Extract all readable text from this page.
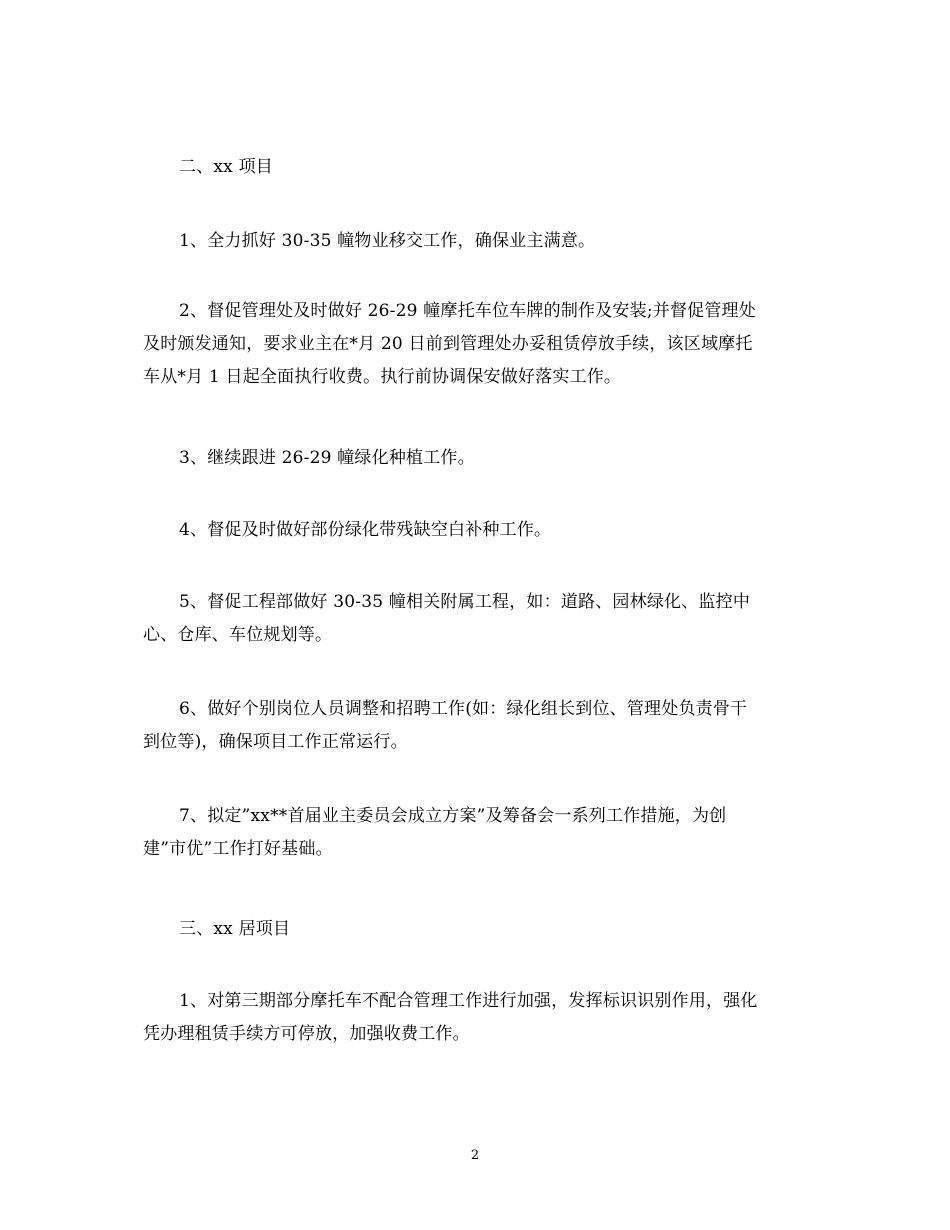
二、xx 项目
1、全力抓好 30-35 幢物业移交工作，确保业主满意。
2、督促管理处及时做好 26-29 幢摩托车位车牌的制作及安装;并督促管理处
及时颁发通知，要求业主在*月 20 日前到管理处办妥租赁停放手续，该区域摩托
车从*月 1 日起全面执行收费。执行前协调保安做好落实工作。
3、继续跟进 26-29 幢绿化种植工作。
4、督促及时做好部份绿化带残缺空白补种工作。
5、督促工程部做好 30-35 幢相关附属工程，如：道路、园林绿化、监控中
心、仓库、车位规划等。
6、做好个别岗位人员调整和招聘工作(如：绿化组长到位、管理处负责骨干
到位等)，确保项目工作正常运行。
7、拟定”xx**首届业主委员会成立方案”及筹备会一系列工作措施，为创
建”市优”工作打好基础。
三、xx 居项目
1、对第三期部分摩托车不配合管理工作进行加强，发挥标识识别作用，强化
凭办理租赁手续方可停放，加强收费工作。
2
